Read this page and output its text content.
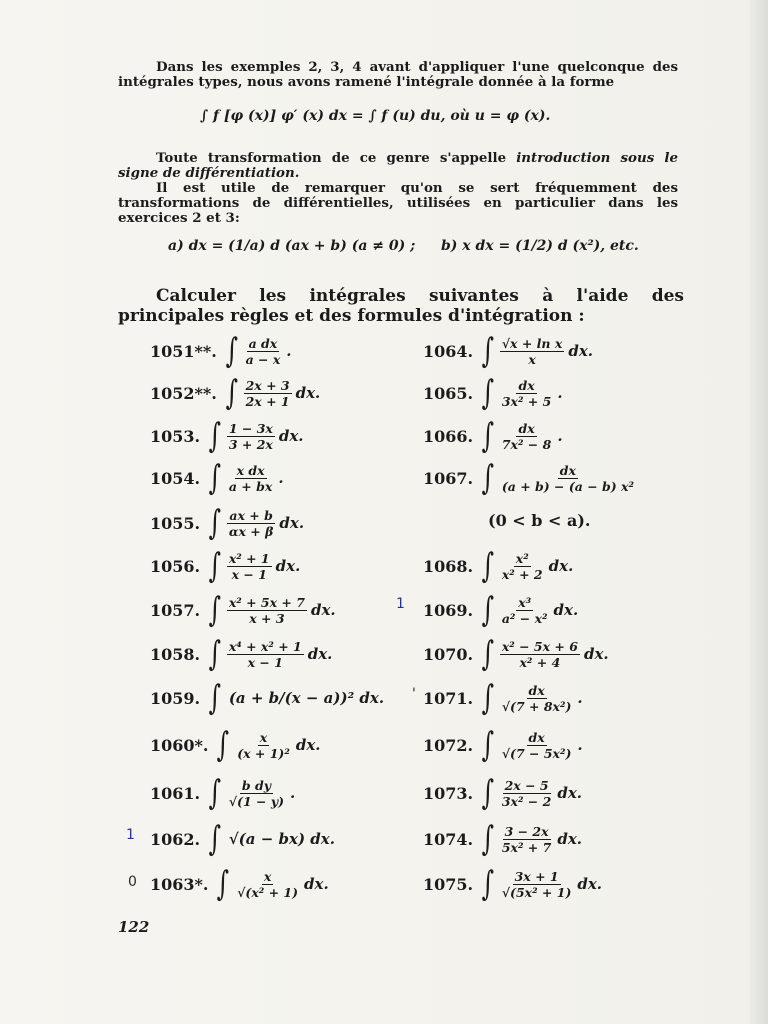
Dans les exemples 2, 3, 4 avant d'appliquer l'une quelconque des intégrales types, nous avons ramené l'intégrale donnée à la forme
∫ f [φ (x)] φ′ (x) dx = ∫ f (u) du, où u = φ (x).
Toute transformation de ce genre s'appelle introduction sous le signe de différentiation.
Il est utile de remarquer qu'on se sert fréquemment des transformations de différentielles, utilisées en particulier dans les exercices 2 et 3:
a) dx = (1/a) d (ax + b) (a ≠ 0) ; b) x dx = (1/2) d (x²), etc.
Calculer les intégrales suivantes à l'aide des principales règles et des formules d'intégration :
1051**. ∫ $\frac{\text{a dx}}{a - x}$ .
1052**. ∫ $\frac{2x + 3}{2x + 1}$ dx.
1053. ∫ $\frac{1 - 3x}{3 + 2x}$ dx.
1054. ∫ $\frac{\text{x dx}}{a + bx}$ .
1055. ∫ $\frac{ax + b}{\alpha x + \beta}$ dx.
1056. ∫ $\frac{\text{x² + 1}}{x - 1}$ dx.
1057. ∫ $\frac{\text{x² + 5x + 7}}{x + 3}$ dx.
1058. ∫ $\frac{\text{x⁴ + x² + 1}}{x - 1}$ dx.
1059. ∫ (a + b/(x − a))² dx.
1060*. ∫ $\frac{x}{\text{(x + 1)²}}$ dx.
1061. ∫ $\frac{\text{b dy}}{√(1 - y)}$ .
1062. ∫ √(a − bx) dx.
1063*. ∫ $\frac{x}{\text{√(x² + 1)}}$ dx.
1064. ∫ $\frac{\text{√x + ln x}}{x}$ dx.
1065. ∫ $\frac{dx}{\text{3x² + 5}}$ .
1066. ∫ $\frac{dx}{\text{7x² − 8}}$ .
1067. ∫ $\frac{dx}{\text{(a + b) − (a − b) x²}}$
1068. ∫ $\frac{\text{x²}}{\text{x² + 2}}$ dx.
1069. ∫ $\frac{\text{x³}}{\text{a² − x²}}$ dx.
1070. ∫ $\frac{\text{x² − 5x + 6}}{\text{x² + 4}}$ dx.
1071. ∫ $\frac{dx}{\text{√(7 + 8x²)}}$ .
1072. ∫ $\frac{dx}{\text{√(7 − 5x²)}}$ .
1073. ∫ $\frac{2x - 5}{\text{3x² − 2}}$ dx.
1074. ∫ $\frac{3 - 2x}{\text{5x² + 7}}$ dx.
1075. ∫ $\frac{3x + 1}{\text{√(5x² + 1)}}$ dx.
(0 < b < a).
122
1
1
0
'
